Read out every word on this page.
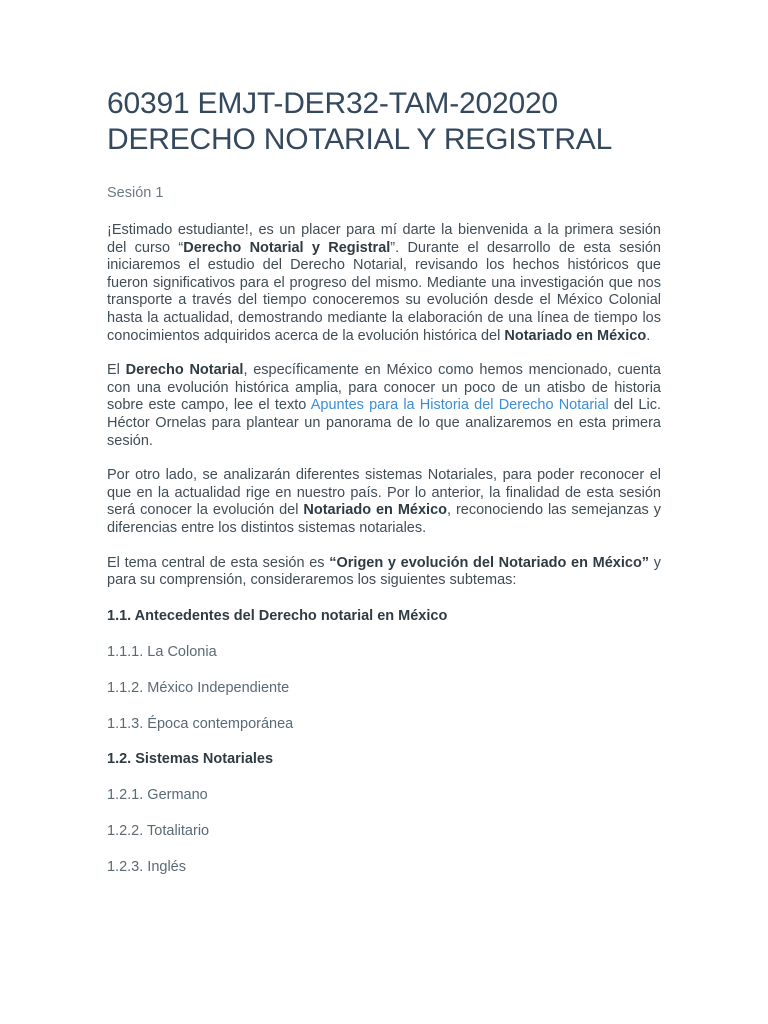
60391 EMJT-DER32-TAM-202020
DERECHO NOTARIAL Y REGISTRAL
Sesión 1

¡Estimado estudiante!, es un placer para mí darte la bienvenida a la primera sesión del curso “Derecho Notarial y Registral”. Durante el desarrollo de esta sesión iniciaremos el estudio del Derecho Notarial, revisando los hechos históricos que fueron significativos para el progreso del mismo. Mediante una investigación que nos transporte a través del tiempo conoceremos su evolución desde el México Colonial hasta la actualidad, demostrando mediante la elaboración de una línea de tiempo los conocimientos adquiridos acerca de la evolución histórica del Notariado en México.

El Derecho Notarial, específicamente en México como hemos mencionado, cuenta con una evolución histórica amplia, para conocer un poco de un atisbo de historia sobre este campo, lee el texto Apuntes para la Historia del Derecho Notarial del Lic. Héctor Ornelas para plantear un panorama de lo que analizaremos en esta primera sesión.

Por otro lado, se analizarán diferentes sistemas Notariales, para poder reconocer el que en la actualidad rige en nuestro país. Por lo anterior, la finalidad de esta sesión será conocer la evolución del Notariado en México, reconociendo las semejanzas y diferencias entre los distintos sistemas notariales.

El tema central de esta sesión es “Origen y evolución del Notariado en México” y para su comprensión, consideraremos los siguientes subtemas:

1.1. Antecedentes del Derecho notarial en México
1.1.1. La Colonia
1.1.2. México Independiente
1.1.3. Época contemporánea
1.2. Sistemas Notariales
1.2.1. Germano
1.2.2. Totalitario
1.2.3. Inglés
